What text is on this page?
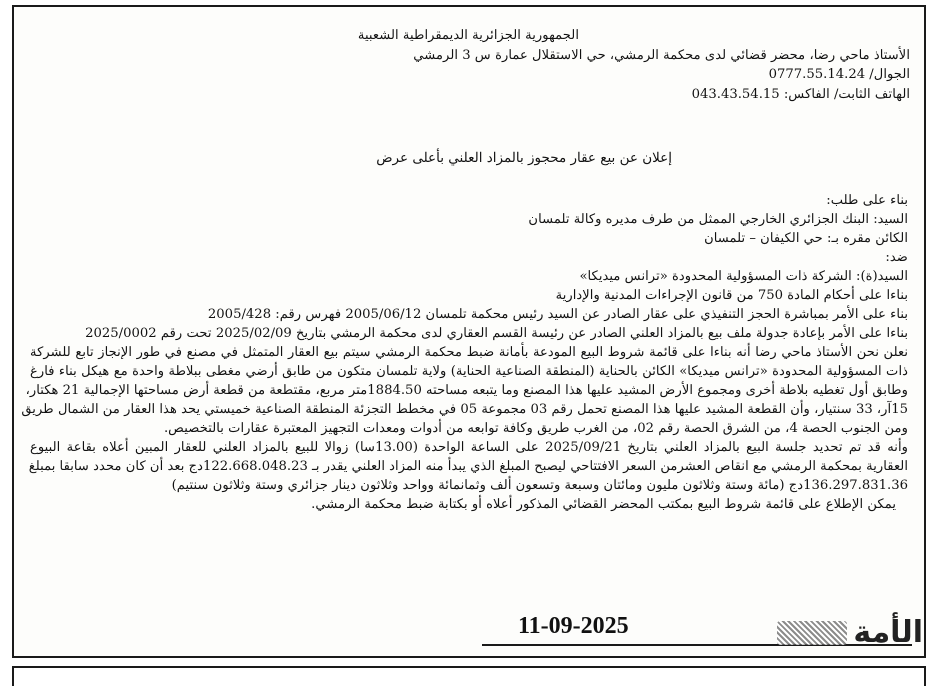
الجمهورية الجزائرية الديمقراطية الشعبية
الأستاذ ماحي رضا، محضر قضائي لدى محكمة الرمشي، حي الاستقلال عمارة س 3 الرمشي
الجوال/ 0777.55.14.24
الهاتف الثابت/ الفاكس: 043.43.54.15
إعلان عن بيع عقار محجوز بالمزاد العلني بأعلى عرض
بناء على طلب:
السيد: البنك الجزائري الخارجي الممثل من طرف مديره وكالة تلمسان
الكائن مقره بـ: حي الكيفان – تلمسان
ضد:
السيد(ة): الشركة ذات المسؤولية المحدودة «ترانس ميديكا»
بناءا على أحكام المادة 750 من قانون الإجراءات المدنية والإدارية
بناء على الأمر بمباشرة الحجز التنفيذي على عقار الصادر عن السيد رئيس محكمة تلمسان 2005/06/12 فهرس رقم: 2005/428
بناءا على الأمر بإعادة جدولة ملف بيع بالمزاد العلني الصادر عن رئيسة القسم العقاري لدى محكمة الرمشي بتاريخ 2025/02/09 تحت رقم 2025/0002
نعلن نحن الأستاذ ماحي رضا أنه بناءا على قائمة شروط البيع المودعة بأمانة ضبط محكمة الرمشي سيتم بيع العقار المتمثل في مصنع في طور الإنجاز تابع للشركة
ذات المسؤولية المحدودة «ترانس ميديكا» الكائن بالحناية (المنطقة الصناعية الحناية) ولاية تلمسان متكون من طابق أرضي مغطى ببلاطة واحدة مع هيكل بناء فارغ
وطابق أول تغطيه بلاطة أخرى ومجموع الأرض المشيد عليها هذا المصنع وما يتبعه مساحته 1884.50متر مربع، مقتطعة من قطعة أرض مساحتها الإجمالية 21 هكتار،
15آر، 33 سنتيار، وأن القطعة المشيد عليها هذا المصنع تحمل رقم 03 مجموعة 05 في مخطط التجزئة المنطقة الصناعية خميستي يحد هذا العقار من الشمال طريق
ومن الجنوب الحصة 4، من الشرق الحصة رقم 02، من الغرب طريق وكافة توابعه من أدوات ومعدات التجهيز المعتبرة عقارات بالتخصيص.
وأنه قد تم تحديد جلسة البيع بالمزاد العلني بتاريخ 2025/09/21 على الساعة الواحدة (13.00سا) زوالا للبيع بالمزاد العلني للعقار المبين أعلاه بقاعة البيوع
العقارية بمحكمة الرمشي مع انقاص العشرمن السعر الافتتاحي ليصبح المبلغ الذي يبدأ منه المزاد العلني يقدر بـ 122.668.048.23دج بعد أن كان محدد سابقا بمبلغ
136.297.831.36دج (مائة وستة وثلاثون مليون ومائتان وسبعة وتسعون ألف وثمانمائة وواحد وثلاثون دينار جزائري وستة وثلاثون سنتيم)
يمكن الإطلاع على قائمة شروط البيع بمكتب المحضر القضائي المذكور أعلاه أو بكتابة ضبط محكمة الرمشي.
11-09-2025	الأمة
